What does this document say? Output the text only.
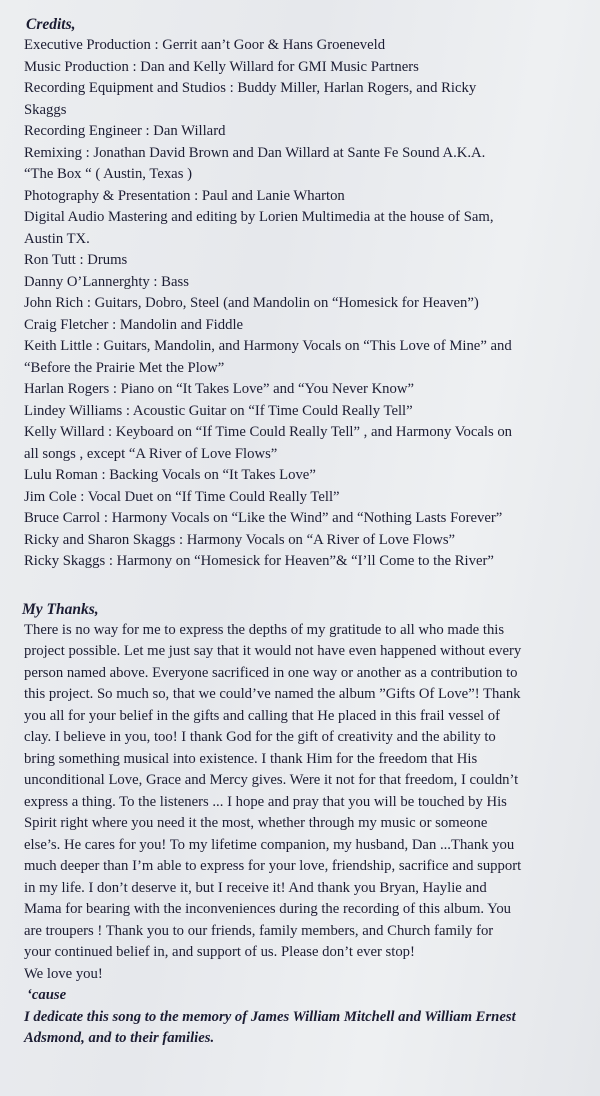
Credits,
Executive Production : Gerrit aan’t Goor & Hans Groeneveld
Music Production : Dan and Kelly Willard for GMI Music Partners
Recording Equipment and Studios : Buddy Miller, Harlan Rogers, and Ricky
Skaggs
Recording Engineer : Dan Willard
Remixing : Jonathan David Brown and Dan Willard at Sante Fe Sound A.K.A.
“The Box “ ( Austin, Texas )
Photography & Presentation : Paul and Lanie Wharton
Digital Audio Mastering and editing by Lorien Multimedia at the house of Sam,
Austin TX.
Ron Tutt : Drums
Danny O’Lannerghty : Bass
John Rich : Guitars, Dobro, Steel (and Mandolin on “Homesick for Heaven”)
Craig Fletcher : Mandolin and Fiddle
Keith Little : Guitars, Mandolin, and Harmony Vocals on “This Love of Mine” and
“Before the Prairie Met the Plow”
Harlan Rogers : Piano on “It Takes Love” and “You Never Know”
Lindey Williams : Acoustic Guitar on “If Time Could Really Tell”
Kelly Willard : Keyboard on “If Time Could Really Tell” , and Harmony Vocals on
all songs , except “A River of Love Flows”
Lulu Roman : Backing Vocals on “It Takes Love”
Jim Cole : Vocal Duet on “If Time Could Really Tell”
Bruce Carrol : Harmony Vocals on “Like the Wind” and “Nothing Lasts Forever”
Ricky and Sharon Skaggs : Harmony Vocals on “A River of Love Flows”
Ricky Skaggs : Harmony on “Homesick for Heaven”& “I’ll Come to the River”
My Thanks,
There is no way for me to express the depths of my gratitude to all who made this
project possible. Let me just say that it would not have even happened without every
person named above. Everyone sacrificed in one way or another as a contribution to
this project. So much so, that we could’ve named the album ”Gifts Of Love”! Thank
you all for your belief in the gifts and calling that He placed in this frail vessel of
clay. I believe in you, too! I thank God for the gift of creativity and the ability to
bring something musical into existence. I thank Him for the freedom that His
unconditional Love, Grace and Mercy gives. Were it not for that freedom, I couldn’t
express a thing. To the listeners ... I hope and pray that you will be touched by His
Spirit right where you need it the most, whether through my music or someone
else’s. He cares for you! To my lifetime companion, my husband, Dan ...Thank you
much deeper than I’m able to express for your love, friendship, sacrifice and support
in my life. I don’t deserve it, but I receive it! And thank you Bryan, Haylie and
Mama for bearing with the inconveniences during the recording of this album. You
are troupers ! Thank you to our friends, family members, and Church family for
your continued belief in, and support of us. Please don’t ever stop!
We love you!
‘cause
I dedicate this song to the memory of James William Mitchell and William Ernest
Adsmond, and to their families.
